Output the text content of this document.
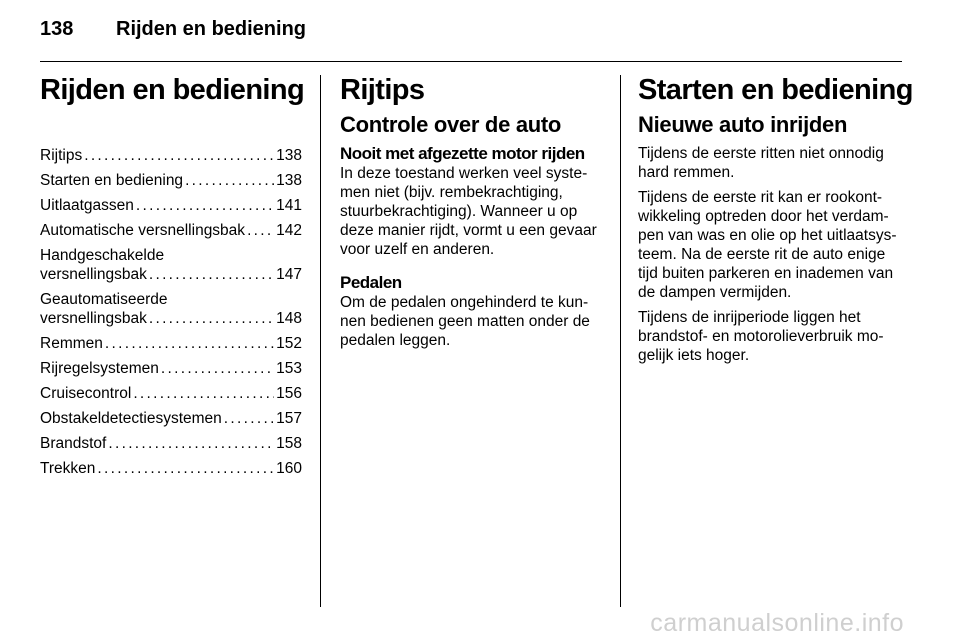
138	Rijden en bediening
Rijden en bediening
Rijtips . . .	138
Starten en bediening . . .	138
Uitlaatgassen . . .	141
Automatische versnellingsbak . . . 142
Handgeschakelde
versnellingsbak . . .	147
Geautomatiseerde
versnellingsbak . . .	148
Remmen . . .	152
Rijregelsystemen . . .	153
Cruisecontrol . . .	156
Obstakeldetectiesystemen . . .	157
Brandstof . . .	158
Trekken . . .	160
Rijtips
Controle over de auto
Nooit met afgezette motor rijden

In deze toestand werken veel syste-
men niet (bijv. rembekrachtiging,
stuurbekrachtiging). Wanneer u op
deze manier rijdt, vormt u een gevaar
voor uzelf en anderen.

Pedalen

Om de pedalen ongehinderd te kun-
nen bedienen geen matten onder de
pedalen leggen.

Starten en bediening
Nieuwe auto inrijden

Tijdens de eerste ritten niet onnodig
hard remmen.

Tijdens de eerste rit kan er rookont-
wikkeling optreden door het verdam-
pen van was en olie op het uitlaatsys-
teem. Na de eerste rit de auto enige
tijd buiten parkeren en inademen van
de dampen vermijden.

Tijdens de inrijperiode liggen het
brandstof- en motorolieverbruik mo-
gelijk iets hoger.

carmanualsonline.info
